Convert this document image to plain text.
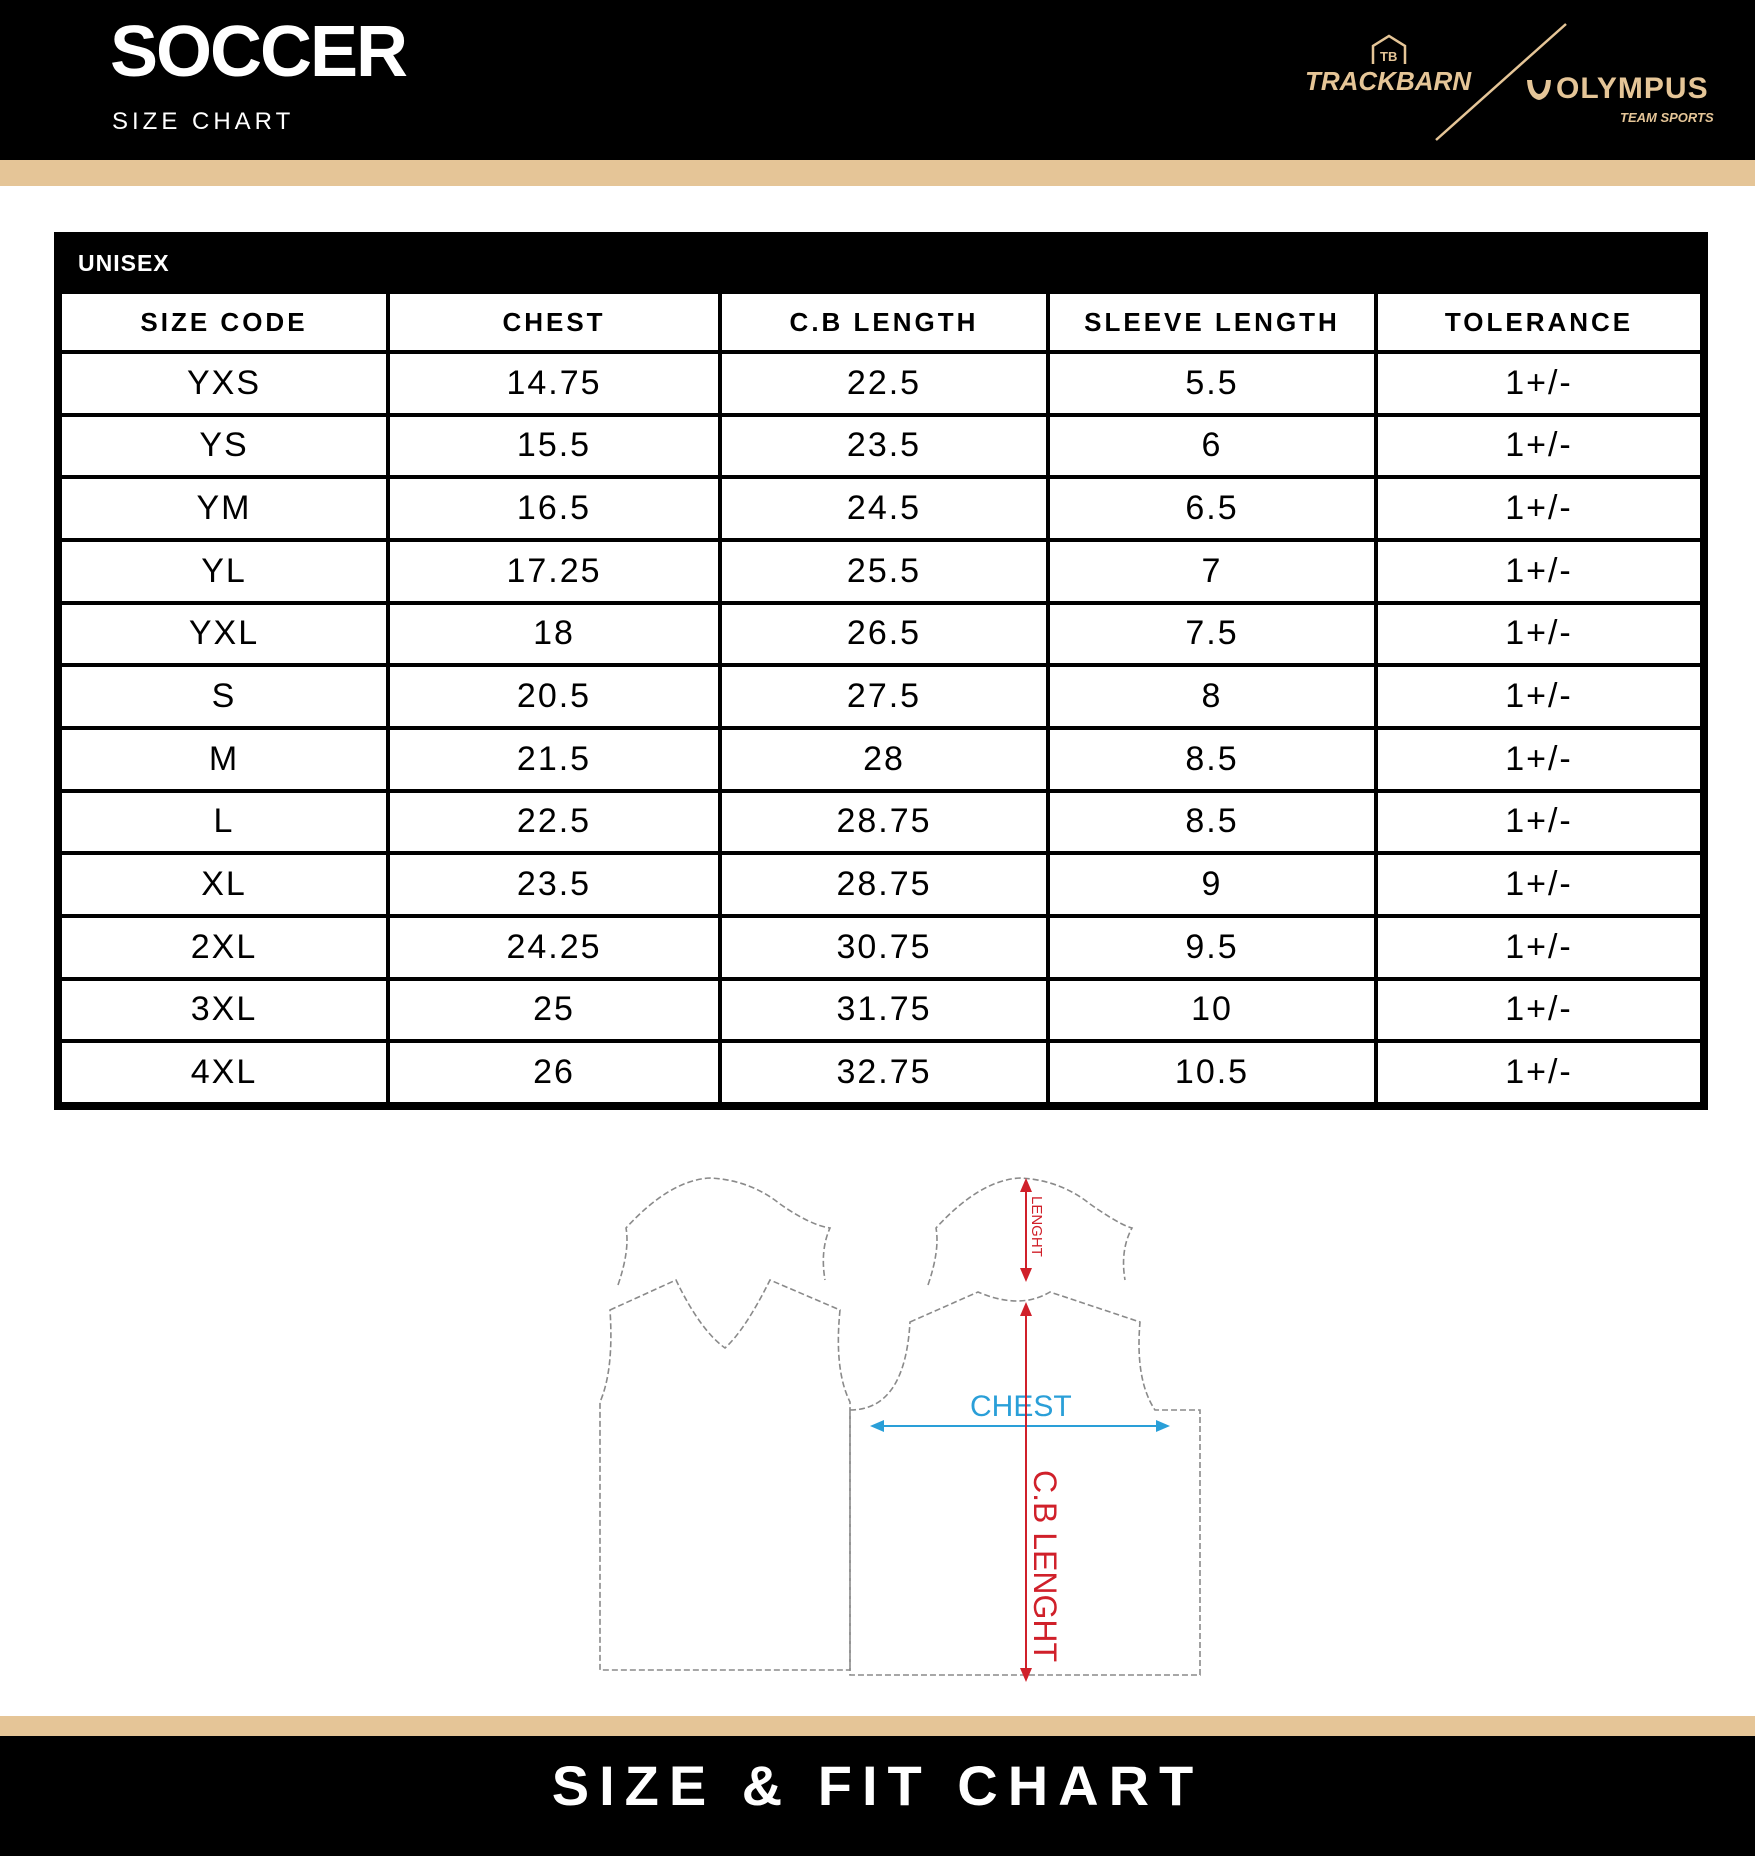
SOCCER
SIZE CHART
TB
TRACKBARN	OLYMPUS
TEAM SPORTS
UNISEX
SIZE CODE	CHEST	C.B LENGTH	SLEEVE LENGTH	TOLERANCE
YXS	14.75	22.5	5.5	1+/-
YS	15.5	23.5	6	1+/-
YM	16.5	24.5	6.5	1+/-
YL	17.25	25.5	7	1+/-
YXL	18	26.5	7.5	1+/-
S	20.5	27.5	8	1+/-
M	21.5	28	8.5	1+/-
L	22.5	28.75	8.5	1+/-
XL	23.5	28.75	9	1+/-
2XL	24.25	30.75	9.5	1+/-
3XL	25	31.75	10	1+/-
4XL	26	32.75	10.5	1+/-
LENGHT
CHEST
C.B LENGHT
SIZE & FIT CHART
